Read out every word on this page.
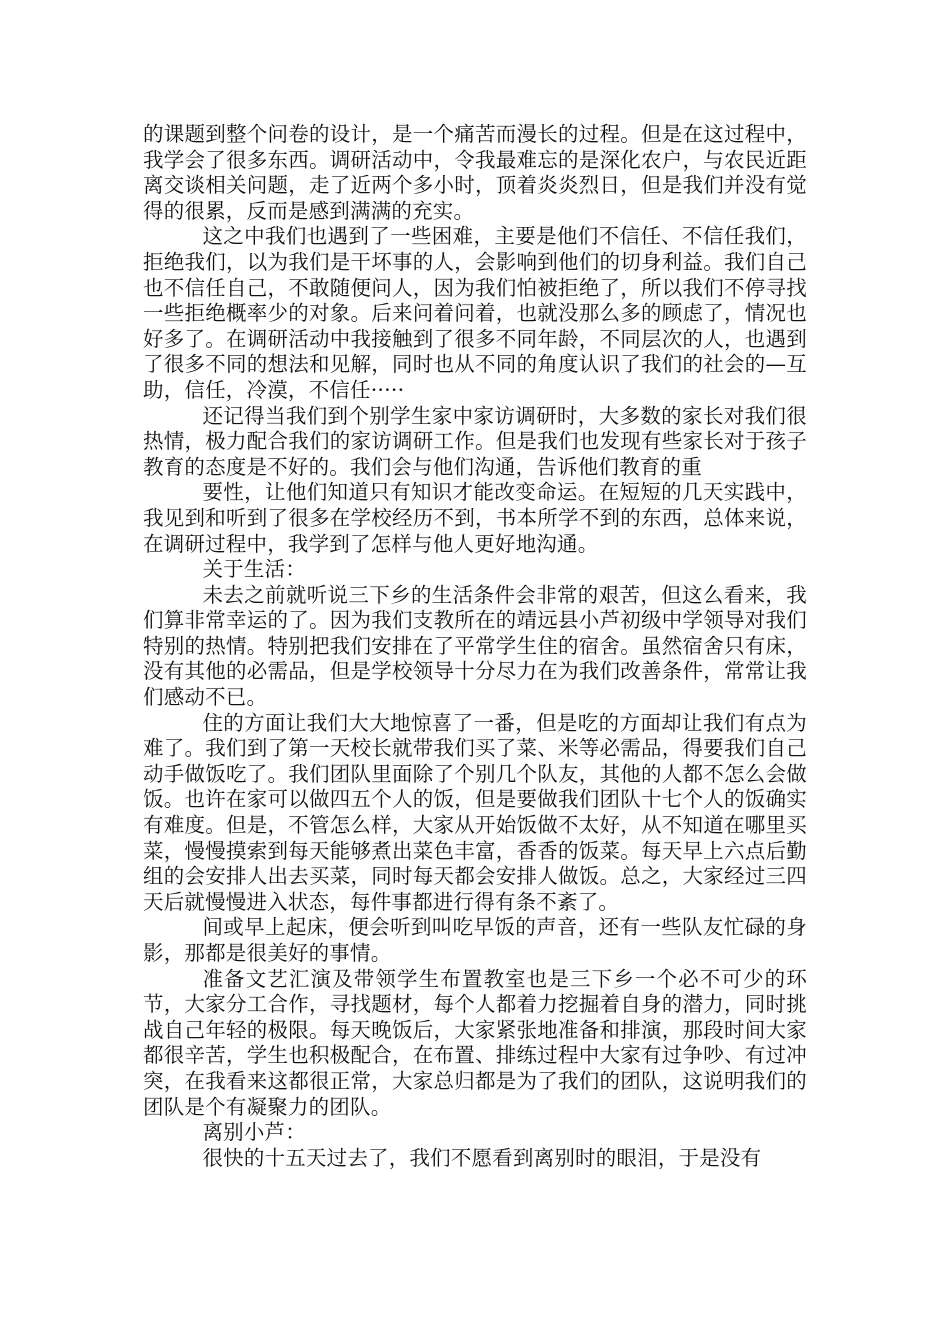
的课题到整个问卷的设计，是一个痛苦而漫长的过程。但是在这过程中，我学会了很多东西。调研活动中，令我最难忘的是深化农户，与农民近距离交谈相关问题，走了近两个多小时，顶着炎炎烈日，但是我们并没有觉得的很累，反而是感到满满的充实。

这之中我们也遇到了一些困难，主要是他们不信任、不信任我们，拒绝我们，以为我们是干坏事的人，会影响到他们的切身利益。我们自己也不信任自己，不敢随便问人，因为我们怕被拒绝了，所以我们不停寻找一些拒绝概率少的对象。后来问着问着，也就没那么多的顾虑了，情况也好多了。在调研活动中我接触到了很多不同年龄，不同层次的人，也遇到了很多不同的想法和见解，同时也从不同的角度认识了我们的社会的—互助，信任，冷漠，不信任·····

还记得当我们到个别学生家中家访调研时，大多数的家长对我们很热情，极力配合我们的家访调研工作。但是我们也发现有些家长对于孩子教育的态度是不好的。我们会与他们沟通，告诉他们教育的重

要性，让他们知道只有知识才能改变命运。在短短的几天实践中，我见到和听到了很多在学校经历不到，书本所学不到的东西，总体来说，在调研过程中，我学到了怎样与他人更好地沟通。

关于生活：

未去之前就听说三下乡的生活条件会非常的艰苦，但这么看来，我们算非常幸运的了。因为我们支教所在的靖远县小芦初级中学领导对我们特别的热情。特别把我们安排在了平常学生住的宿舍。虽然宿舍只有床，没有其他的必需品，但是学校领导十分尽力在为我们改善条件，常常让我们感动不已。

住的方面让我们大大地惊喜了一番，但是吃的方面却让我们有点为难了。我们到了第一天校长就带我们买了菜、米等必需品，得要我们自己动手做饭吃了。我们团队里面除了个别几个队友，其他的人都不怎么会做饭。也许在家可以做四五个人的饭，但是要做我们团队十七个人的饭确实有难度。但是，不管怎么样，大家从开始饭做不太好，从不知道在哪里买菜，慢慢摸索到每天能够煮出菜色丰富，香香的饭菜。每天早上六点后勤组的会安排人出去买菜，同时每天都会安排人做饭。总之，大家经过三四天后就慢慢进入状态，每件事都进行得有条不紊了。

间或早上起床，便会听到叫吃早饭的声音，还有一些队友忙碌的身影，那都是很美好的事情。

准备文艺汇演及带领学生布置教室也是三下乡一个必不可少的环节，大家分工合作，寻找题材，每个人都着力挖掘着自身的潜力，同时挑战自己年轻的极限。每天晚饭后，大家紧张地准备和排演，那段时间大家都很辛苦，学生也积极配合，在布置、排练过程中大家有过争吵、有过冲突，在我看来这都很正常，大家总归都是为了我们的团队，这说明我们的团队是个有凝聚力的团队。

离别小芦：

很快的十五天过去了，我们不愿看到离别时的眼泪，于是没有
